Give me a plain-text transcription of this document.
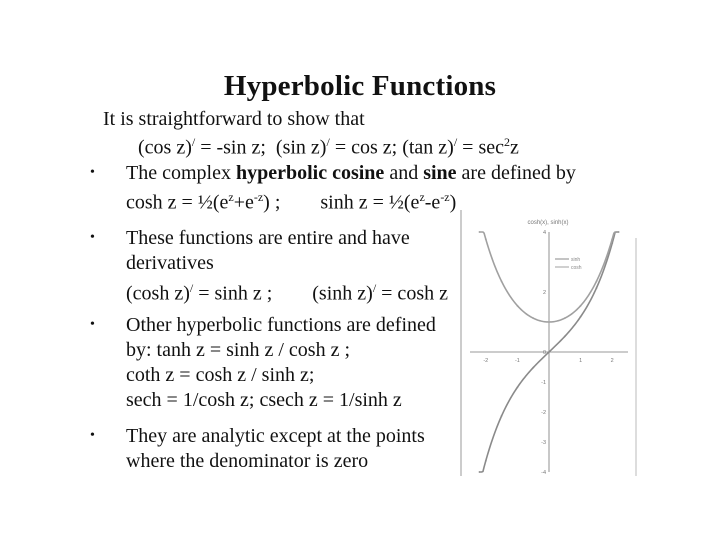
Hyperbolic Functions
It is straightforward to show that
(cos z)/ = -sin z; (sin z)/ = cos z; (tan $z)^/ = \sec^2z$
• The complex hyperbolic cosine and sine are defined by
$\cosh z = \frac{1}{2}(e^z+e^{-z})$ ; $\sinh z = \frac{1}{2}(e^z-e^{-z})$
• These functions are entire and have
derivatives
(cosh z)/ = sinh z ; (sinh z)/ = cosh z
• Other hyperbolic functions are defined
by: tanh z = sinh z / cosh z ;
coth z = cosh z / sinh z;
sech = 1/cosh z; csech z = 1/sinh z
• They are analytic except at the points
where the denominator is zero
cosh(x), sinh(x)
-2	-1	1	2
4
2
0
-1
-2
-3
-4
sinh
cosh
